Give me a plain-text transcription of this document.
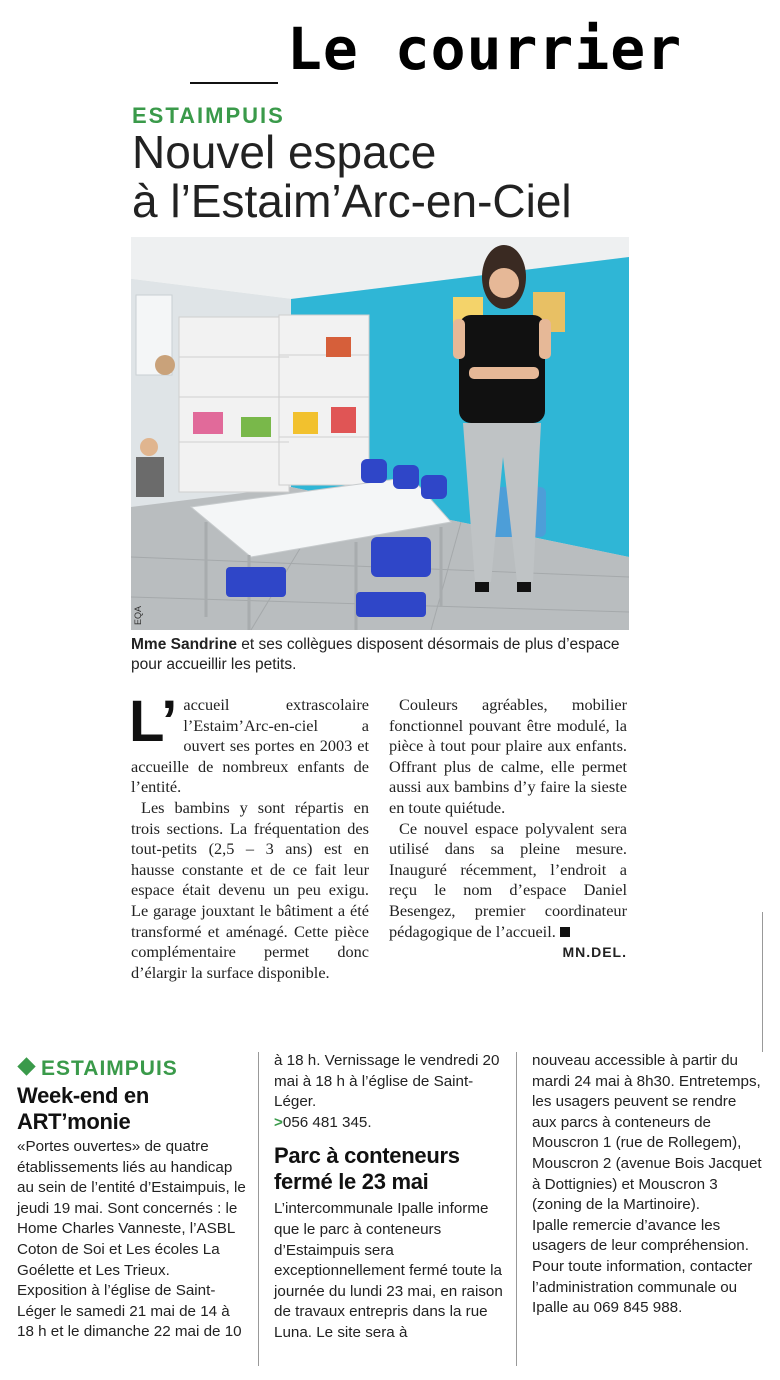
Le courrier
ESTAIMPUIS
Nouvel espace
à l’Estaim’Arc-en-Ciel
EQA

Mme Sandrine et ses collègues disposent désormais de plus d’espace pour accueillir les petits.

L’ accueil extrascolaire l’Estaim’Arc-en-ciel a ouvert ses portes en 2003 et accueille de nombreux enfants de l’entité.

Les bambins y sont répartis en trois sections. La fréquentation des tout-petits (2,5 – 3 ans) est en hausse constante et de ce fait leur espace était devenu un peu exigu. Le garage jouxtant le bâtiment a été transformé et aménagé. Cette pièce complémentaire permet donc d’élargir la surface disponible.

Couleurs agréables, mobilier fonctionnel pouvant être modulé, la pièce à tout pour plaire aux enfants. Offrant plus de calme, elle permet aussi aux bambins d’y faire la sieste en toute quiétude.

Ce nouvel espace polyvalent sera utilisé dans sa pleine mesure. Inauguré récemment, l’endroit a reçu le nom d’espace Daniel Besengez, premier coordinateur pédagogique de l’accueil.
MN.DEL.

ESTAIMPUIS
Week-end en ART’monie

«Portes ouvertes» de quatre établissements liés au handicap au sein de l’entité d’Estaimpuis, le jeudi 19 mai. Sont concernés : le Home Charles Vanneste, l’ASBL Coton de Soi et Les écoles La Goélette et Les Trieux.

Exposition à l’église de Saint-Léger le samedi 21 mai de 14 à 18 h et le dimanche 22 mai de 10

à 18 h. Vernissage le vendredi 20 mai à 18 h à l’église de Saint-Léger.

>056 481 345.

Parc à conteneurs fermé le 23 mai

L’intercommunale Ipalle informe que le parc à conteneurs d’Estaimpuis sera exceptionnellement fermé toute la journée du lundi 23 mai, en raison de travaux entrepris dans la rue Luna. Le site sera à

nouveau accessible à partir du mardi 24 mai à 8h30. Entretemps, les usagers peuvent se rendre aux parcs à conteneurs de Mouscron 1 (rue de Rollegem), Mouscron 2 (avenue Bois Jacquet à Dottignies) et Mouscron 3 (zoning de la Martinoire).

Ipalle remercie d’avance les usagers de leur compréhension. Pour toute information, contacter l’administration communale ou Ipalle au 069 845 988.
